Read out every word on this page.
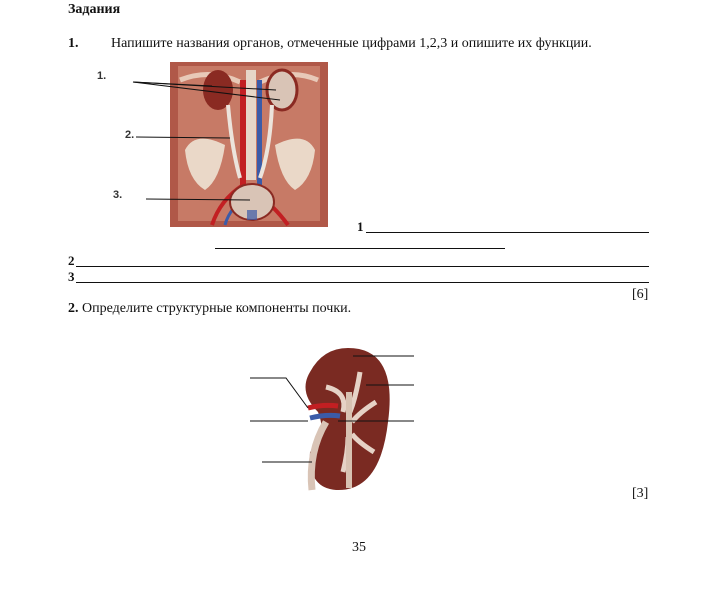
Задания
1. Напишите названия органов, отмеченные цифрами 1,2,3 и опишите их функции.
1.
2.
3.
1
2
3
[6]
2. Определите структурные компоненты почки.
[3]
35
